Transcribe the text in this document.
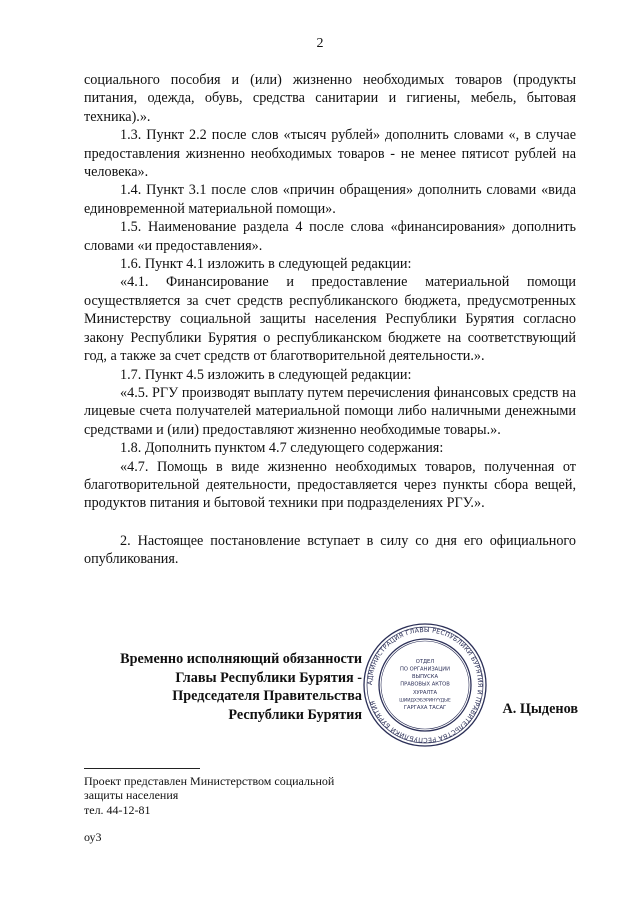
2

социального пособия и (или) жизненно необходимых товаров (продукты питания, одежда, обувь, средства санитарии и гигиены, мебель, бытовая техника).».

1.3. Пункт 2.2 после слов «тысяч рублей» дополнить словами «, в случае предоставления жизненно необходимых товаров - не менее пятисот рублей на человека».

1.4. Пункт 3.1 после слов «причин обращения» дополнить словами «вида единовременной материальной помощи».

1.5. Наименование раздела 4 после слова «финансирования» дополнить словами «и предоставления».

1.6. Пункт 4.1 изложить в следующей редакции:

«4.1. Финансирование и предоставление материальной помощи осуществляется за счет средств республиканского бюджета, предусмотренных Министерству социальной защиты населения Республики Бурятия согласно закону Республики Бурятия о республиканском бюджете на соответствующий год, а также за счет средств от благотворительной деятельности.».

1.7. Пункт 4.5 изложить в следующей редакции:

«4.5. РГУ производят выплату путем перечисления финансовых средств на лицевые счета получателей материальной помощи либо наличными денежными средствами и (или) предоставляют жизненно необходимые товары.».

1.8. Дополнить пунктом 4.7 следующего содержания:

«4.7. Помощь в виде жизненно необходимых товаров, полученная от благотворительной деятельности, предоставляется через пункты сбора вещей, продуктов питания и бытовой техники при подразделениях РГУ.».

2. Настоящее постановление вступает в силу со дня его официального опубликования.

Временно исполняющий обязанности
Главы Республики Бурятия -
Председателя Правительства
Республики Бурятия
АДМИНИСТРАЦИЯ ГЛАВЫ РЕСПУБЛИКИ БУРЯТИЯ И ПРАВИТЕЛЬСТВА РЕСПУБЛИКИ БУРЯТИЯ
ОТДЕЛ
ПО ОРГАНИЗАЦИИ
ВЫПУСКА
ПРАВОВЫХ АКТОВ
ХУРАЛТА
ШИИДХЭБЭРИНҮҮДЫЕ
ГАРГАХА ТАСАГ	А. Цыденов
Проект представлен Министерством социальной
защиты населения
тел. 44-12-81
оу3
